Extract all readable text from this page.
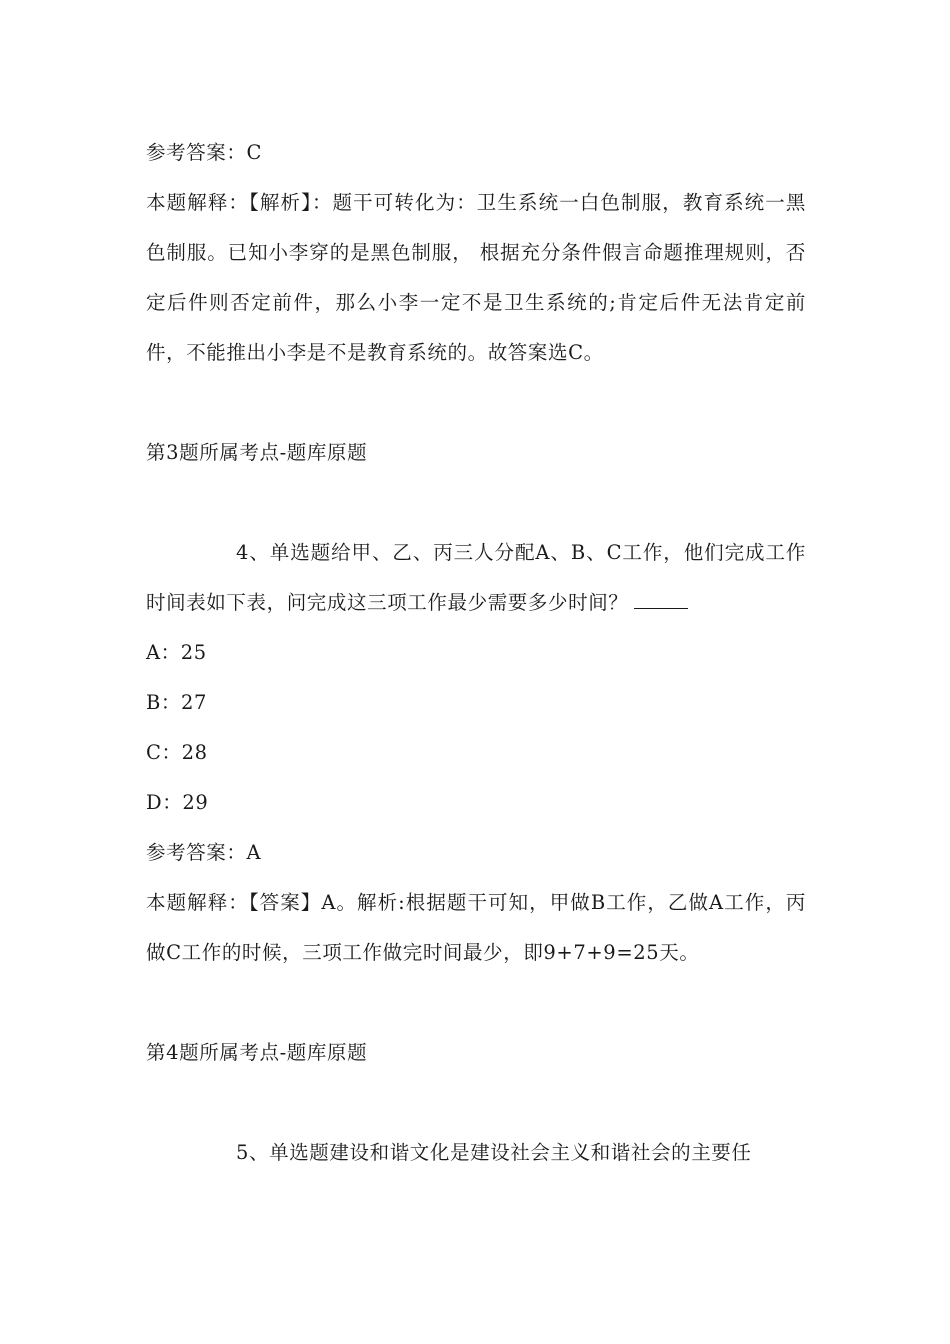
参考答案：C
本题解释：【解析】：题干可转化为：卫生系统一白色制服，教育系统一黑色制服。已知小李穿的是黑色制服， 根据充分条件假言命题推理规则，否定后件则否定前件，那么小李一定不是卫生系统的;肯定后件无法肯定前件，不能推出小李是不是教育系统的。故答案选C。
第3题所属考点-题库原题
4、单选题给甲、乙、丙三人分配A、B、C工作，他们完成工作时间表如下表，问完成这三项工作最少需要多少时间？
A：25
B：27
C：28
D：29
参考答案：A
本题解释：【答案】A。解析:根据题干可知，甲做B工作，乙做A工作，丙做C工作的时候，三项工作做完时间最少，即9+7+9=25天。
第4题所属考点-题库原题
5、单选题建设和谐文化是建设社会主义和谐社会的主要任
